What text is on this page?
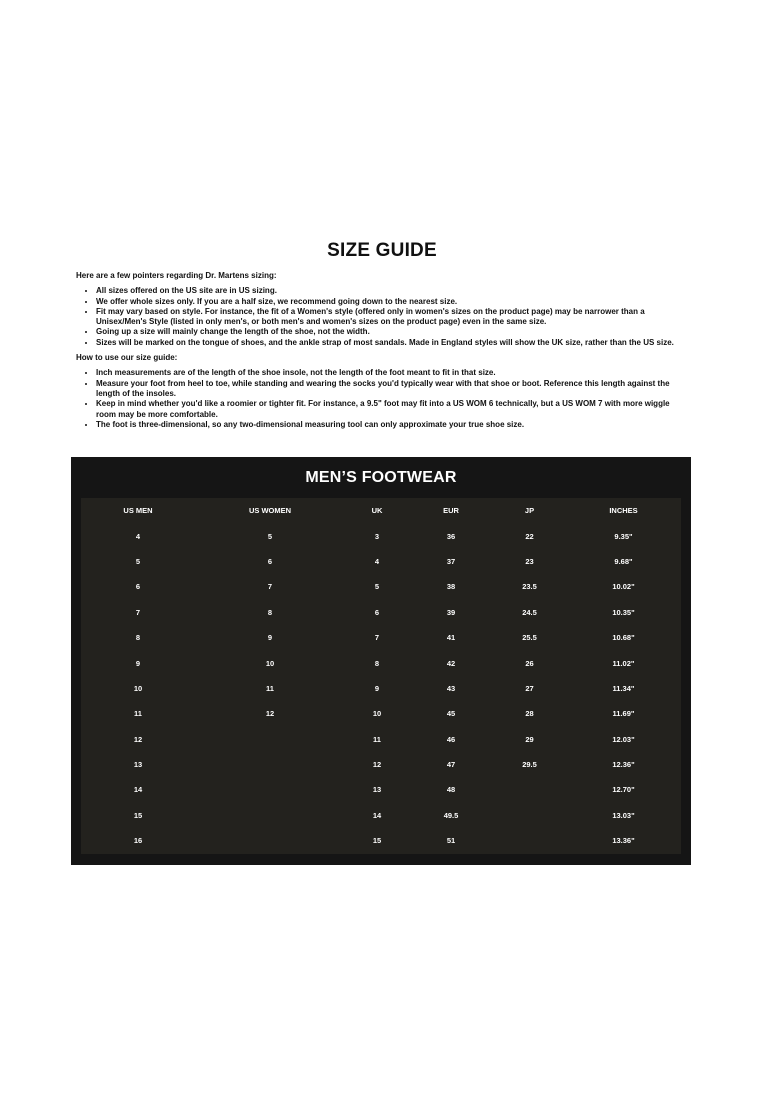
SIZE GUIDE

Here are a few pointers regarding Dr. Martens sizing:

• All sizes offered on the US site are in US sizing.
• We offer whole sizes only. If you are a half size, we recommend going down to the nearest size.
• Fit may vary based on style. For instance, the fit of a Women's style (offered only in women's sizes on the product page) may be narrower than a Unisex/Men's Style (listed in only men's, or both men's and women's sizes on the product page) even in the same size.
• Going up a size will mainly change the length of the shoe, not the width.
• Sizes will be marked on the tongue of shoes, and the ankle strap of most sandals. Made in England styles will show the UK size, rather than the US size.

How to use our size guide:

• Inch measurements are of the length of the shoe insole, not the length of the foot meant to fit in that size.
• Measure your foot from heel to toe, while standing and wearing the socks you'd typically wear with that shoe or boot. Reference this length against the length of the insoles.
• Keep in mind whether you'd like a roomier or tighter fit. For instance, a 9.5" foot may fit into a US WOM 6 technically, but a US WOM 7 with more wiggle room may be more comfortable.
• The foot is three-dimensional, so any two-dimensional measuring tool can only approximate your true shoe size.
MEN’S FOOTWEAR
US MEN	US WOMEN	UK	EUR	JP	INCHES
4	5	3	36	22	9.35"
5	6	4	37	23	9.68"
6	7	5	38	23.5	10.02"
7	8	6	39	24.5	10.35"
8	9	7	41	25.5	10.68"
9	10	8	42	26	11.02"
10	11	9	43	27	11.34"
11	12	10	45	28	11.69"
12		11	46	29	12.03"
13		12	47	29.5	12.36"
14		13	48		12.70"
15		14	49.5		13.03"
16		15	51		13.36"
